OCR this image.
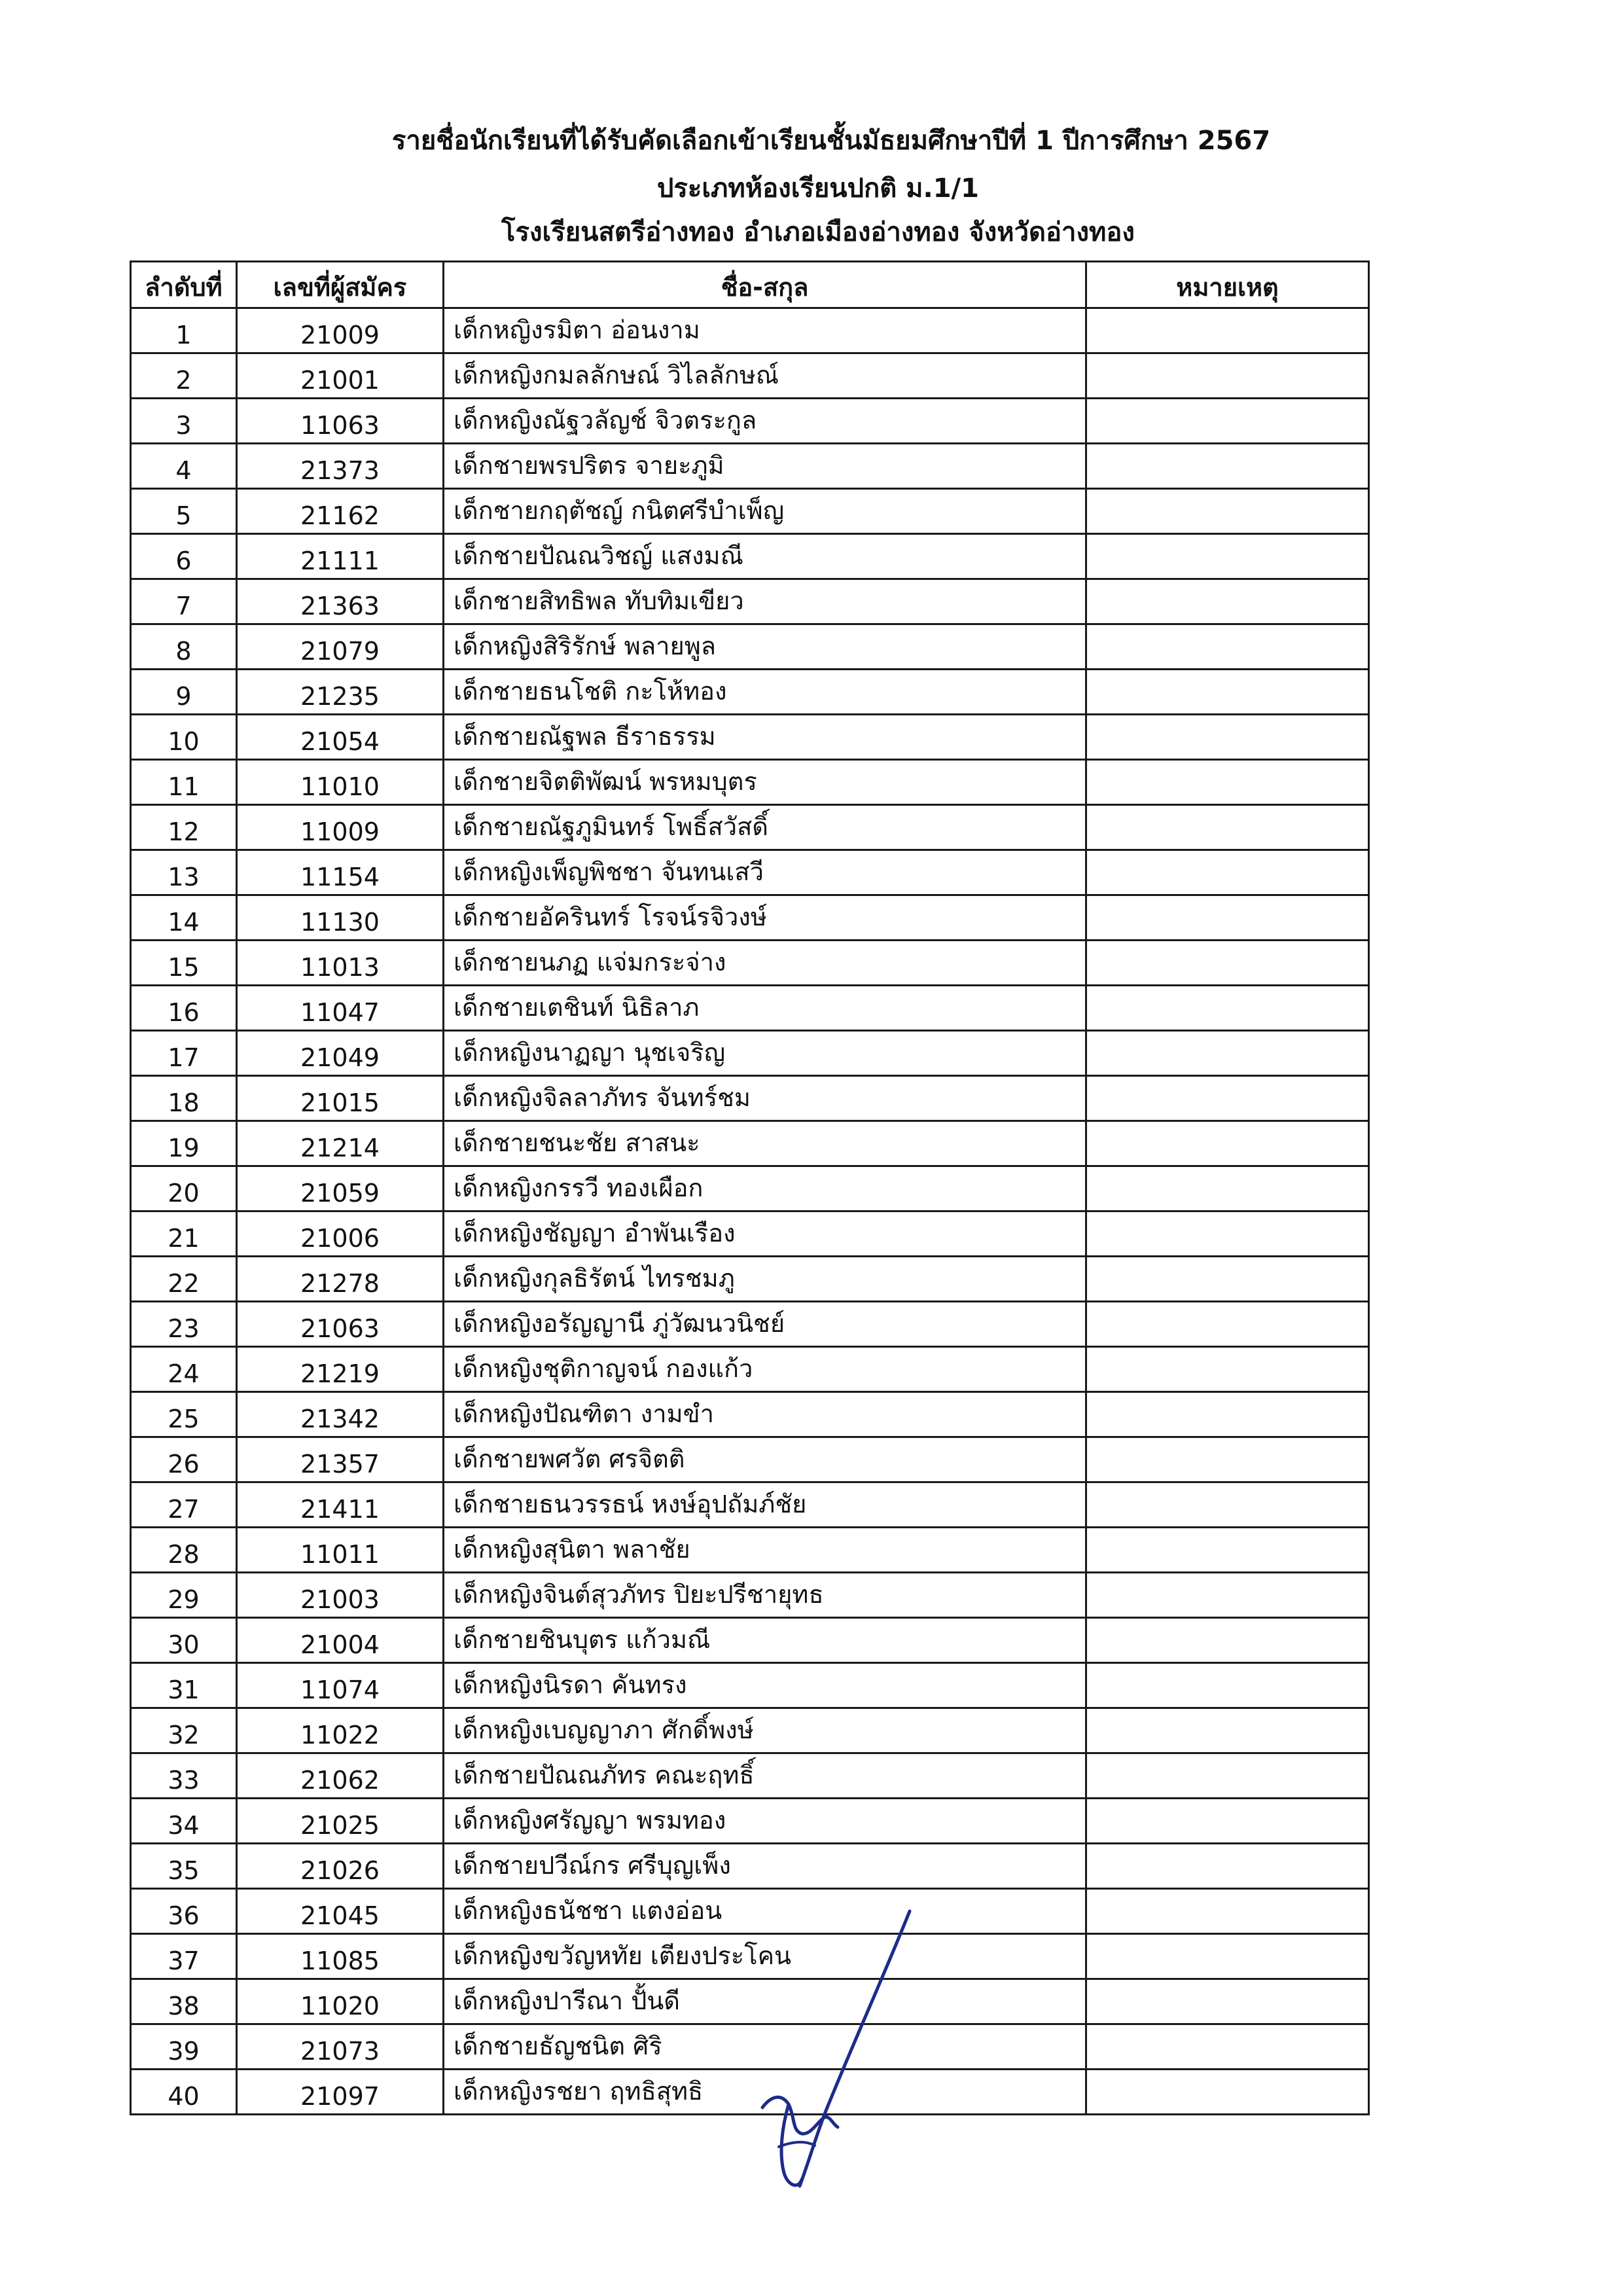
รายชื่อนักเรียนที่ได้รับคัดเลือกเข้าเรียนชั้นมัธยมศึกษาปีที่ 1 ปีการศึกษา 2567
ประเภทห้องเรียนปกติ ม.1/1
โรงเรียนสตรีอ่างทอง อำเภอเมืองอ่างทอง จังหวัดอ่างทอง
ลำดับที่	เลขที่ผู้สมัคร	ชื่อ-สกุล	หมายเหตุ
1	21009	เด็กหญิงรมิตา อ่อนงาม	
2	21001	เด็กหญิงกมลลักษณ์ วิไลลักษณ์	
3	11063	เด็กหญิงณัฐวลัญช์ จิวตระกูล	
4	21373	เด็กชายพรปริตร จายะภูมิ	
5	21162	เด็กชายกฤตัชญ์ กนิตศรีบำเพ็ญ	
6	21111	เด็กชายปัณณวิชญ์ แสงมณี	
7	21363	เด็กชายสิทธิพล ทับทิมเขียว	
8	21079	เด็กหญิงสิริรักษ์ พลายพูล	
9	21235	เด็กชายธนโชติ กะโห้ทอง	
10	21054	เด็กชายณัฐพล ธีราธรรม	
11	11010	เด็กชายจิตติพัฒน์ พรหมบุตร	
12	11009	เด็กชายณัฐภูมินทร์ โพธิ์สวัสดิ์	
13	11154	เด็กหญิงเพ็ญพิชชา จันทนเสวี	
14	11130	เด็กชายอัครินทร์ โรจน์รจิวงษ์	
15	11013	เด็กชายนภฏ แจ่มกระจ่าง	
16	11047	เด็กชายเตชินท์ นิธิลาภ	
17	21049	เด็กหญิงนาฏญา นุชเจริญ	
18	21015	เด็กหญิงจิลลาภัทร จันทร์ชม	
19	21214	เด็กชายชนะชัย สาสนะ	
20	21059	เด็กหญิงกรรวี ทองเผือก	
21	21006	เด็กหญิงชัญญา อำพันเรือง	
22	21278	เด็กหญิงกุลธิรัตน์ ไทรชมภู	
23	21063	เด็กหญิงอรัญญานี ภู่วัฒนวนิชย์	
24	21219	เด็กหญิงชุติกาญจน์ กองแก้ว	
25	21342	เด็กหญิงปัณฑิตา งามขำ	
26	21357	เด็กชายพศวัต ศรจิตติ	
27	21411	เด็กชายธนวรรธน์ หงษ์อุปถัมภ์ชัย	
28	11011	เด็กหญิงสุนิตา พลาชัย	
29	21003	เด็กหญิงจินต์สุวภัทร ปิยะปรีชายุทธ	
30	21004	เด็กชายชินบุตร แก้วมณี	
31	11074	เด็กหญิงนิรดา คันทรง	
32	11022	เด็กหญิงเบญญาภา ศักดิ์พงษ์	
33	21062	เด็กชายปัณณภัทร คณะฤทธิ์	
34	21025	เด็กหญิงศรัญญา พรมทอง	
35	21026	เด็กชายปวีณ์กร ศรีบุญเพ็ง	
36	21045	เด็กหญิงธนัชชา แตงอ่อน	
37	11085	เด็กหญิงขวัญหทัย เตียงประโคน	
38	11020	เด็กหญิงปารีณา ปั้นดี	
39	21073	เด็กชายธัญชนิต ศิริ	
40	21097	เด็กหญิงรชยา ฤทธิสุทธิ	
